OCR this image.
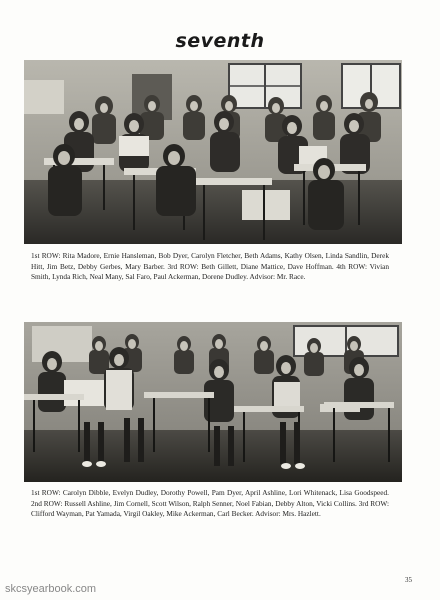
seventh
1st ROW: Rita Madore, Ernie Hansleman, Bob Dyer, Carolyn Fletcher, Beth Adams, Kathy Olsen, Linda Sandlin, Derek Hitt, Jim Betz, Debby Gerbes, Mary Barber. 3rd ROW: Beth Gillett, Diane Mattice, Dave Hoffman. 4th ROW: Vivian Smith, Lynda Rich, Neal Many, Sal Faro, Paul Ackerman, Dorene Dudley. Advisor: Mr. Race.
1st ROW: Carolyn Dibble, Evelyn Dudley, Dorothy Powell, Pam Dyer, April Ashline, Lori Whitenack, Lisa Goodspeed. 2nd ROW: Russell Ashline, Jim Cornell, Scott Wilson, Ralph Senner, Noel Fabian, Debby Alton, Vicki Collins. 3rd ROW: Clifford Wayman, Pat Yamada, Virgil Oakley, Mike Ackerman, Carl Becker. Advisor: Mrs. Hazlett.
skcsyearbook.com
35
